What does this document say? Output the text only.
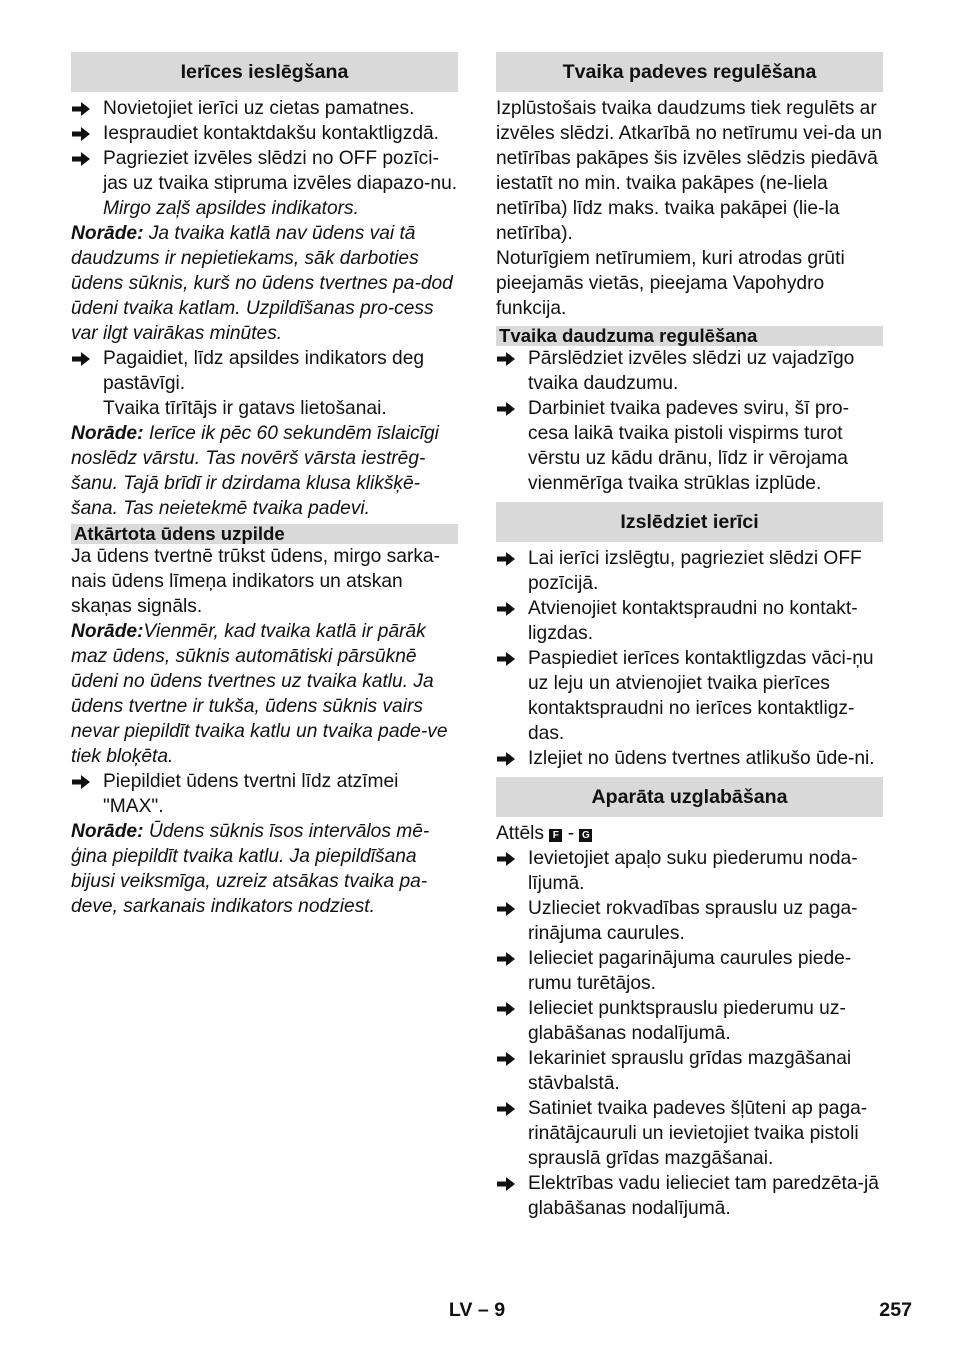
Ierīces ieslēgšana
Novietojiet ierīci uz cietas pamatnes.
Iespraudiet kontaktdakšu kontaktligzdā.
Pagrieziet izvēles slēdzi no OFF pozīci-jas uz tvaika stipruma izvēles diapazo-nu.
Mirgo zaļš apsildes indikators.
Norāde: Ja tvaika katlā nav ūdens vai tā daudzums ir nepietiekams, sāk darboties ūdens sūknis, kurš no ūdens tvertnes pa-dod ūdeni tvaika katlam. Uzpildīšanas pro-cess var ilgt vairākas minūtes.
Pagaidiet, līdz apsildes indikators deg pastāvīgi.
Tvaika tīrītājs ir gatavs lietošanai.
Norāde: Ierīce ik pēc 60 sekundēm īslaicīgi noslēdz vārstu. Tas novērš vārsta iestrēg-šanu. Tajā brīdī ir dzirdama klusa klikšķē-šana. Tas neietekmē tvaika padevi.
Atkārtota ūdens uzpilde
Ja ūdens tvertnē trūkst ūdens, mirgo sarka-nais ūdens līmeņa indikators un atskan skaņas signāls.
Norāde:Vienmēr, kad tvaika katlā ir pārāk maz ūdens, sūknis automātiski pārsūknē ūdeni no ūdens tvertnes uz tvaika katlu. Ja ūdens tvertne ir tukša, ūdens sūknis vairs nevar piepildīt tvaika katlu un tvaika pade-ve tiek bloķēta.
Piepildiet ūdens tvertni līdz atzīmei "MAX".
Norāde: Ūdens sūknis īsos intervālos mē-ģina piepildīt tvaika katlu. Ja piepildīšana bijusi veiksmīga, uzreiz atsākas tvaika pa-deve, sarkanais indikators nodziest.
Tvaika padeves regulēšana
Izplūstošais tvaika daudzums tiek regulēts ar izvēles slēdzi. Atkarībā no netīrumu vei-da un netīrības pakāpes šis izvēles slēdzis piedāvā iestatīt no min. tvaika pakāpes (ne-liela netīrība) līdz maks. tvaika pakāpei (lie-la netīrība).
Noturīgiem netīrumiem, kuri atrodas grūti pieejamās vietās, pieejama Vapohydro funkcija.
Tvaika daudzuma regulēšana
Pārslēdziet izvēles slēdzi uz vajadzīgo tvaika daudzumu.
Darbiniet tvaika padeves sviru, šī pro-cesa laikā tvaika pistoli vispirms turot vērstu uz kādu drānu, līdz ir vērojama vienmērīga tvaika strūklas izplūde.
Izslēdziet ierīci
Lai ierīci izslēgtu, pagrieziet slēdzi OFF pozīcijā.
Atvienojiet kontaktspraudni no kontakt-ligzdas.
Paspiediet ierīces kontaktligzdas vāci-ņu uz leju un atvienojiet tvaika pierīces kontaktspraudni no ierīces kontaktligz-das.
Izlejiet no ūdens tvertnes atlikušo ūde-ni.
Aparāta uzglabāšana
Attēls F - G
Ievietojiet apaļo suku piederumu noda-lījumā.
Uzlieciet rokvadības sprauslu uz paga-rinājuma caurules.
Ielieciet pagarinājuma caurules piede-rumu turētājos.
Ielieciet punktsprauslu piederumu uz-glabāšanas nodalījumā.
Iekariniet sprauslu grīdas mazgāšanai stāvbalstā.
Satiniet tvaika padeves šļūteni ap paga-rinātājcauruli un ievietojiet tvaika pistoli sprauslā grīdas mazgāšanai.
Elektrības vadu ielieciet tam paredzēta-jā glabāšanas nodalījumā.
LV – 9	257
